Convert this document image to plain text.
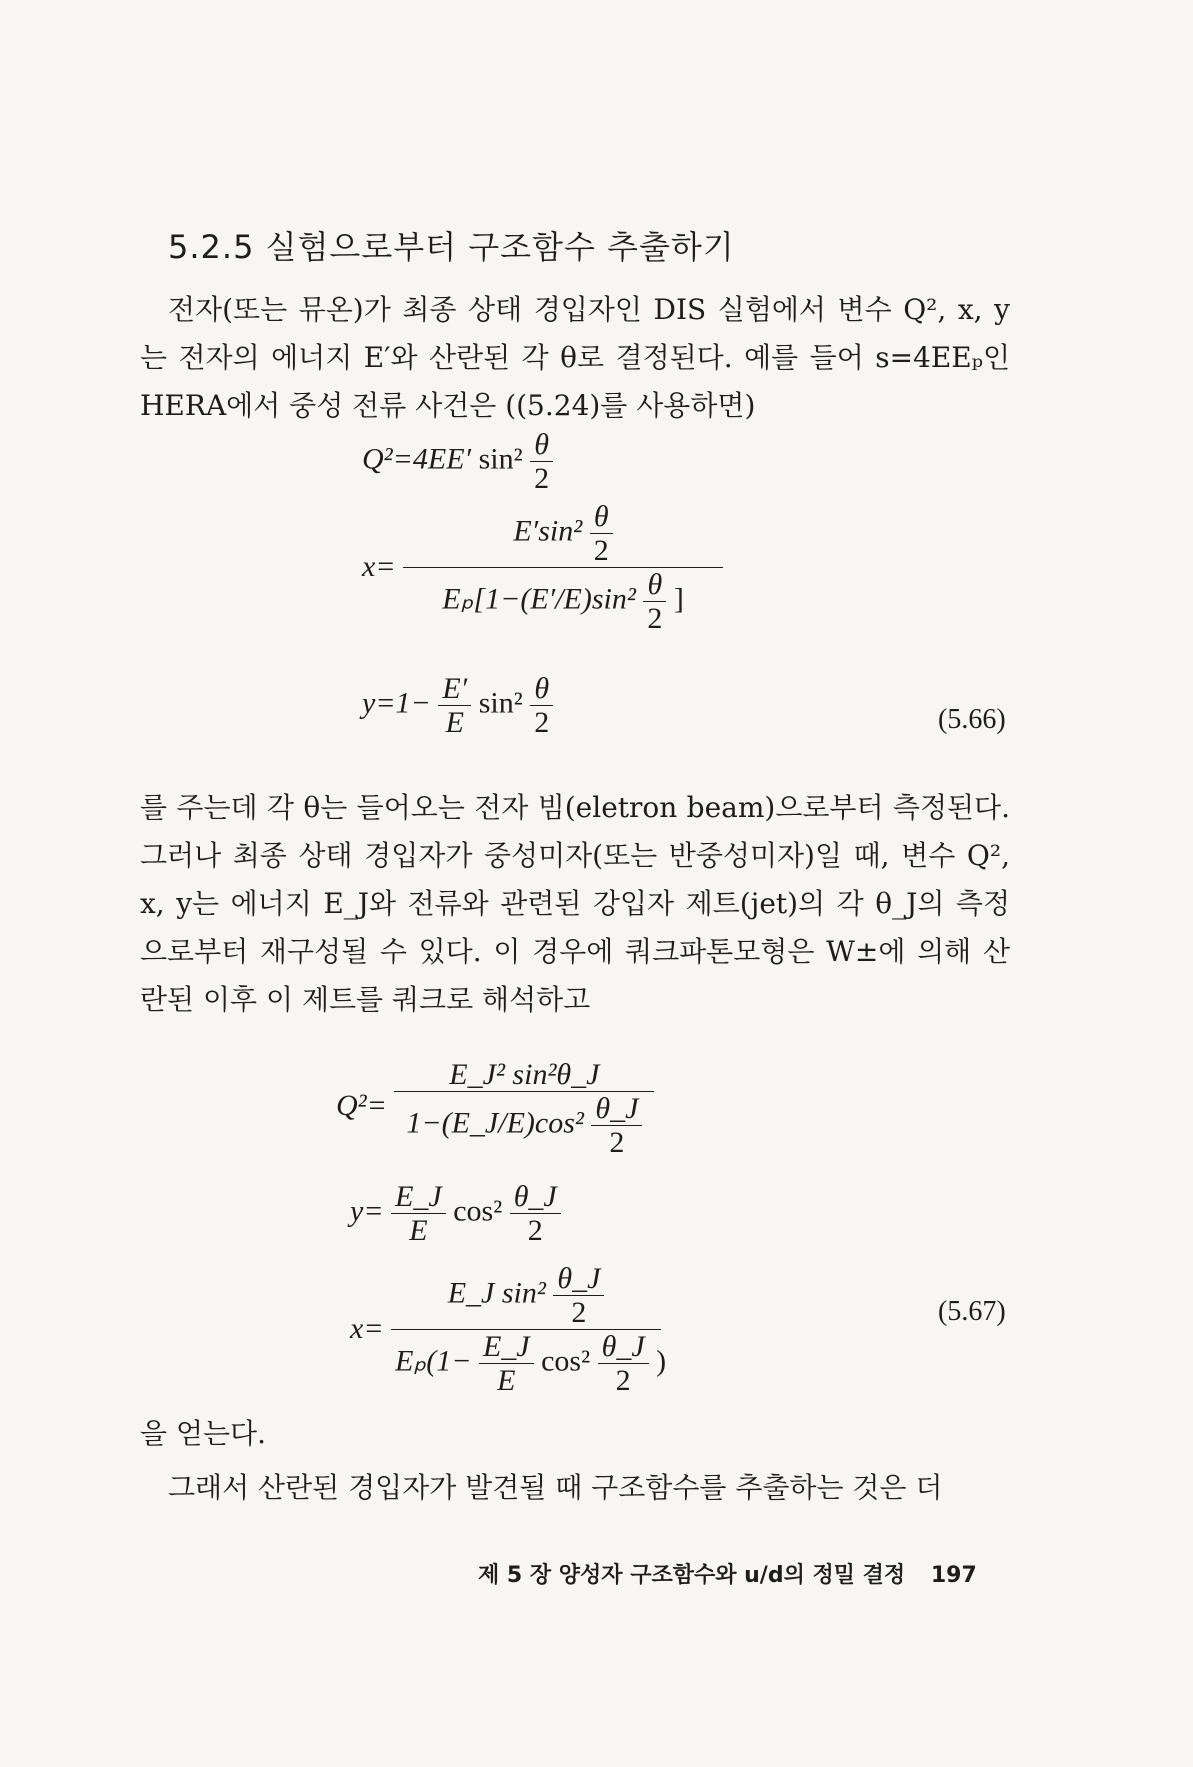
5.2.5 실험으로부터 구조함수 추출하기

전자(또는 뮤온)가 최종 상태 경입자인 DIS 실험에서 변수 Q², x, y는 전자의 에너지 E′와 산란된 각 θ로 결정된다. 예를 들어 s=4EEₚ인 HERA에서 중성 전류 사건은 ((5.24)를 사용하면)

Q²=4EE′ $\sin^2 \frac{\theta}{2}$
$x= \frac{E'\sin^2 \frac{\theta}{2}}{E_p[1-(E'/E)\sin^2 \frac{\theta}{2} ]}$
$y=1- \frac{E'}{E} \sin^2 \frac{\theta}{2}$	(5.66)

를 주는데 각 θ는 들어오는 전자 빔(eletron beam)으로부터 측정된다. 그러나 최종 상태 경입자가 중성미자(또는 반중성미자)일 때, 변수 Q², x, y는 에너지 E_J와 전류와 관련된 강입자 제트(jet)의 각 θ_J의 측정으로부터 재구성될 수 있다. 이 경우에 쿼크파톤모형은 W±에 의해 산란된 이후 이 제트를 쿼크로 해석하고

$Q^2= \frac{\text{E\_J² sin²θ\_J}}{1-(E\_J/E)\cos^2 \frac{\theta\_J}{2}}$
$y= \frac{E\_J}{E} \cos^2 \frac{\theta\_J}{2}$
x=
E_J $\sin^2 \frac{\theta\_J}{2}$
$E_p(1- \frac{E\_J}{E} \cos^2 \frac{\theta\_J}{2}$ )
(5.67)

을 얻는다.

그래서 산란된 경입자가 발견될 때 구조함수를 추출하는 것은 더

제 5 장 양성자 구조함수와 u/d의 정밀 결정 197
